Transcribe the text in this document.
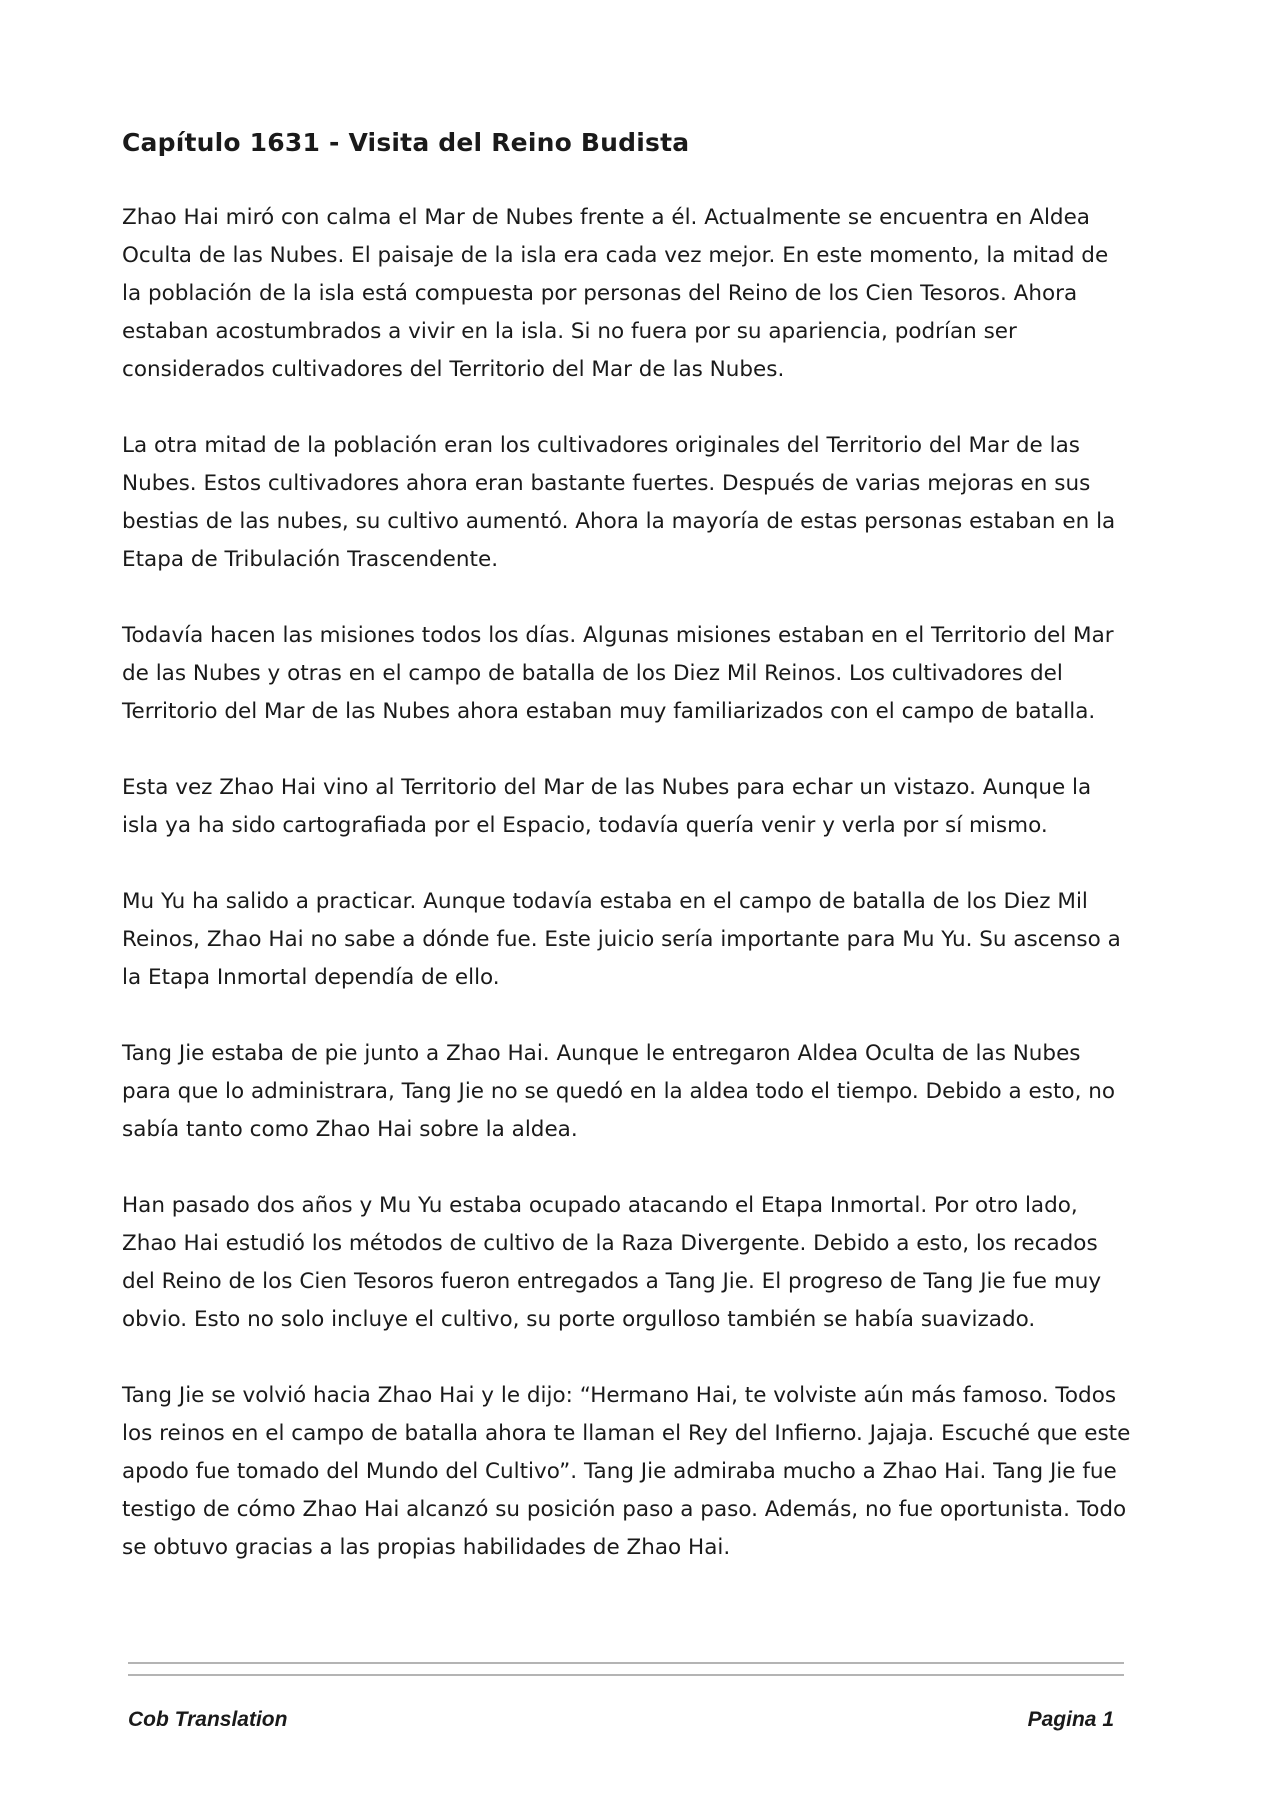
Capítulo 1631 - Visita del Reino Budista

Zhao Hai miró con calma el Mar de Nubes frente a él. Actualmente se encuentra en Aldea Oculta de las Nubes. El paisaje de la isla era cada vez mejor. En este momento, la mitad de la población de la isla está compuesta por personas del Reino de los Cien Tesoros. Ahora estaban acostumbrados a vivir en la isla. Si no fuera por su apariencia, podrían ser considerados cultivadores del Territorio del Mar de las Nubes.

La otra mitad de la población eran los cultivadores originales del Territorio del Mar de las Nubes. Estos cultivadores ahora eran bastante fuertes. Después de varias mejoras en sus bestias de las nubes, su cultivo aumentó. Ahora la mayoría de estas personas estaban en la Etapa de Tribulación Trascendente.

Todavía hacen las misiones todos los días. Algunas misiones estaban en el Territorio del Mar de las Nubes y otras en el campo de batalla de los Diez Mil Reinos. Los cultivadores del Territorio del Mar de las Nubes ahora estaban muy familiarizados con el campo de batalla.

Esta vez Zhao Hai vino al Territorio del Mar de las Nubes para echar un vistazo. Aunque la isla ya ha sido cartografiada por el Espacio, todavía quería venir y verla por sí mismo.

Mu Yu ha salido a practicar. Aunque todavía estaba en el campo de batalla de los Diez Mil Reinos, Zhao Hai no sabe a dónde fue. Este juicio sería importante para Mu Yu. Su ascenso a la Etapa Inmortal dependía de ello.

Tang Jie estaba de pie junto a Zhao Hai. Aunque le entregaron Aldea Oculta de las Nubes para que lo administrara, Tang Jie no se quedó en la aldea todo el tiempo. Debido a esto, no sabía tanto como Zhao Hai sobre la aldea.

Han pasado dos años y Mu Yu estaba ocupado atacando el Etapa Inmortal. Por otro lado, Zhao Hai estudió los métodos de cultivo de la Raza Divergente. Debido a esto, los recados del Reino de los Cien Tesoros fueron entregados a Tang Jie. El progreso de Tang Jie fue muy obvio. Esto no solo incluye el cultivo, su porte orgulloso también se había suavizado.

Tang Jie se volvió hacia Zhao Hai y le dijo: “Hermano Hai, te volviste aún más famoso. Todos los reinos en el campo de batalla ahora te llaman el Rey del Infierno. Jajaja. Escuché que este apodo fue tomado del Mundo del Cultivo”. Tang Jie admiraba mucho a Zhao Hai. Tang Jie fue testigo de cómo Zhao Hai alcanzó su posición paso a paso. Además, no fue oportunista. Todo se obtuvo gracias a las propias habilidades de Zhao Hai.

Cob Translation	Pagina 1
